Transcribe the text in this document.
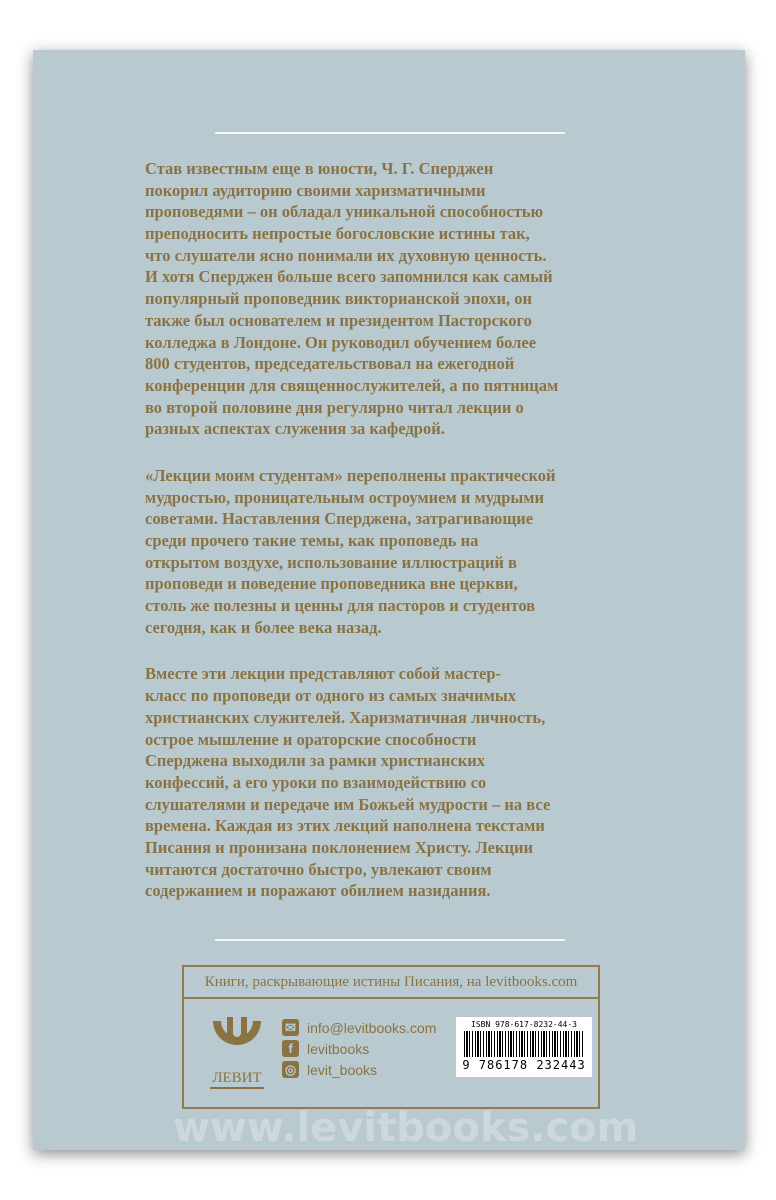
Став известным еще в юности, Ч. Г. Сперджен
покорил аудиторию своими харизматичными
проповедями – он обладал уникальной способностью
преподносить непростые богословские истины так,
что слушатели ясно понимали их духовную ценность.
И хотя Сперджен больше всего запомнился как самый
популярный проповедник викторианской эпохи, он
также был основателем и президентом Пасторского
колледжа в Лондоне. Он руководил обучением более
800 студентов, председательствовал на ежегодной
конференции для священнослужителей, а по пятницам
во второй половине дня регулярно читал лекции о
разных аспектах служения за кафедрой.
«Лекции моим студентам» переполнены практической
мудростью, проницательным остроумием и мудрыми
советами. Наставления Сперджена, затрагивающие
среди прочего такие темы, как проповедь на
открытом воздухе, использование иллюстраций в
проповеди и поведение проповедника вне церкви,
столь же полезны и ценны для пасторов и студентов
сегодня, как и более века назад.
Вместе эти лекции представляют собой мастер-
класс по проповеди от одного из самых значимых
христианских служителей. Харизматичная личность,
острое мышление и ораторские способности
Сперджена выходили за рамки христианских
конфессий, а его уроки по взаимодействию со
слушателями и передаче им Божьей мудрости – на все
времена. Каждая из этих лекций наполнена текстами
Писания и пронизана поклонением Христу. Лекции
читаются достаточно быстро, увлекают своим
содержанием и поражают обилием назидания.
Книги, раскрывающие истины Писания, на levitbooks.com
ЛЕВИТ
✉ info@levitbooks.com
f	levitbooks
◎ levit_books
ISBN 978-617-8232-44-3
9 786178 232443
www.levitbooks.com
